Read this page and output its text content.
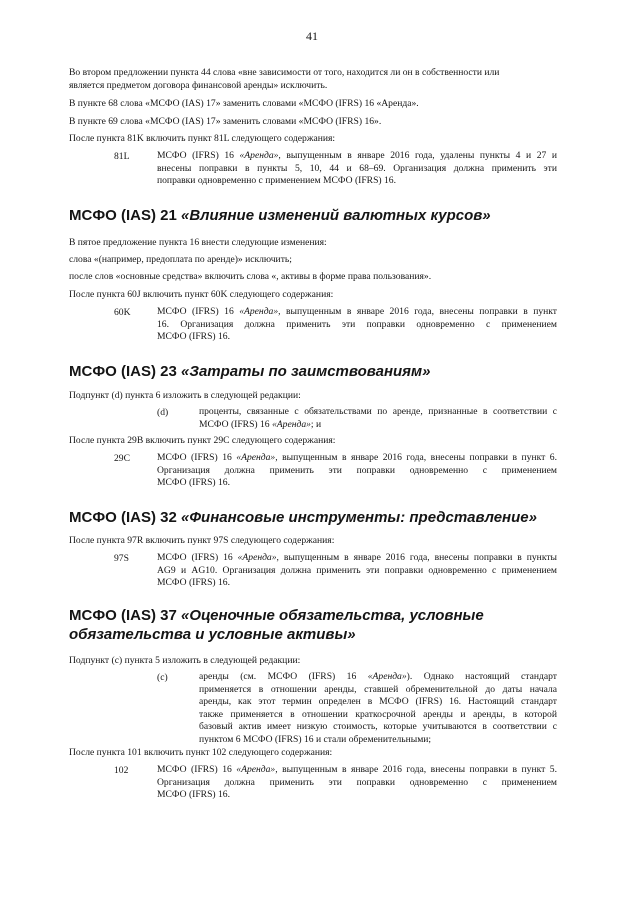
41
Во втором предложении пункта 44 слова «вне зависимости от того, находится ли он в собственности или
является предметом договора финансовой аренды» исключить.
В пункте 68 слова «МСФО (IAS) 17» заменить словами «МСФО (IFRS) 16 «Аренда».
В пункте 69 слова «МСФО (IAS) 17» заменить словами «МСФО (IFRS) 16».
После пункта 81K включить пункт 81L следующего содержания:
81L	МСФО (IFRS) 16 «Аренда», выпущенным в январе 2016 года, удалены пункты 4 и 27 и
внесены поправки в пункты 5, 10, 44 и 68–69. Организация должна применить эти
поправки одновременно с применением МСФО (IFRS) 16.
МСФО (IAS) 21 «Влияние изменений валютных курсов»
В пятое предложение пункта 16 внести следующие изменения:
слова «(например, предоплата по аренде)» исключить;
после слов «основные средства» включить слова «, активы в форме права пользования».
После пункта 60J включить пункт 60K следующего содержания:
60K	МСФО (IFRS) 16 «Аренда», выпущенным в январе 2016 года, внесены поправки в пункт
16. Организация должна применить эти поправки одновременно с применением
МСФО (IFRS) 16.
МСФО (IAS) 23 «Затраты по заимствованиям»
Подпункт (d) пункта 6 изложить в следующей редакции:
(d)	проценты, связанные с обязательствами по аренде, признанные в соответствии с
МСФО (IFRS) 16 «Аренда»; и
После пункта 29B включить пункт 29C следующего содержания:
29C	МСФО (IFRS) 16 «Аренда», выпущенным в январе 2016 года, внесены поправки в пункт 6.
Организация должна применить эти поправки одновременно с применением
МСФО (IFRS) 16.
МСФО (IAS) 32 «Финансовые инструменты: представление»
После пункта 97R включить пункт 97S следующего содержания:
97S	МСФО (IFRS) 16 «Аренда», выпущенным в январе 2016 года, внесены поправки в пункты
AG9 и AG10. Организация должна применить эти поправки одновременно с применением
МСФО (IFRS) 16.
МСФО (IAS) 37 «Оценочные обязательства, условные
обязательства и условные активы»
Подпункт (c) пункта 5 изложить в следующей редакции:
(c)	аренды (см. МСФО (IFRS) 16 «Аренда»). Однако настоящий стандарт
применяется в отношении аренды, ставшей обременительной до даты начала
аренды, как этот термин определен в МСФО (IFRS) 16. Настоящий стандарт
также применяется в отношении краткосрочной аренды и аренды, в которой
базовый актив имеет низкую стоимость, которые учитываются в соответствии с
пунктом 6 МСФО (IFRS) 16 и стали обременительными;
После пункта 101 включить пункт 102 следующего содержания:
102	МСФО (IFRS) 16 «Аренда», выпущенным в январе 2016 года, внесены поправки в пункт 5.
Организация должна применить эти поправки одновременно с применением
МСФО (IFRS) 16.
